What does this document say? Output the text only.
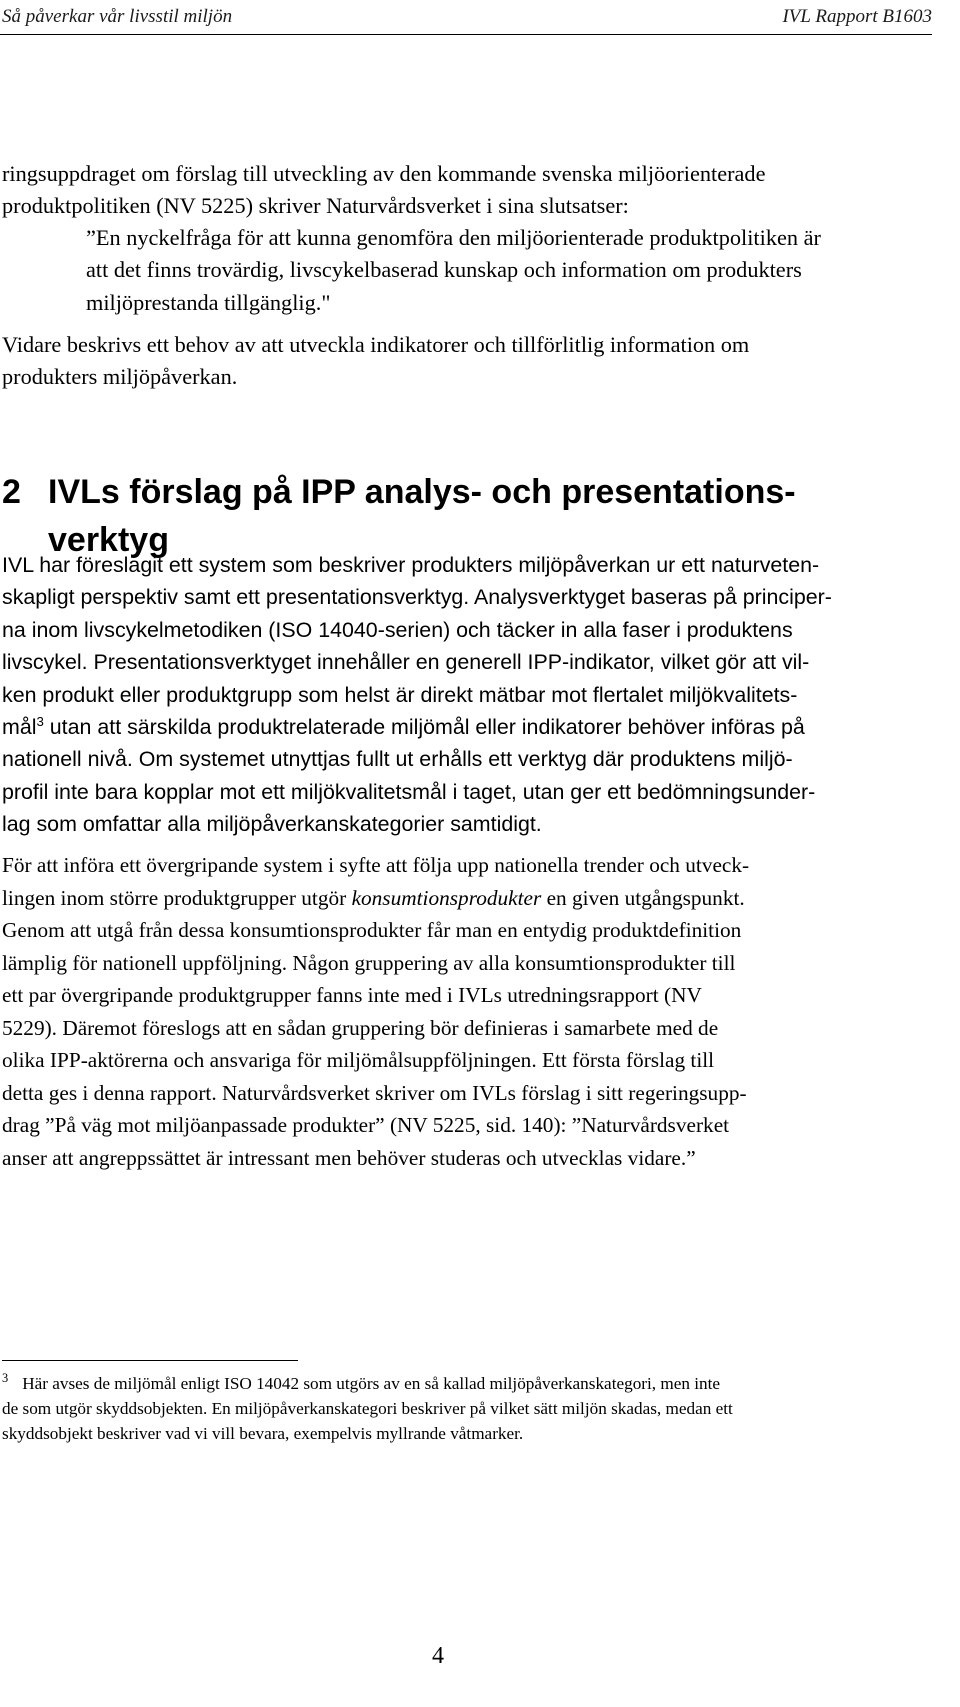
Så påverkar vår livsstil miljön	IVL Rapport B1603
ringsuppdraget om förslag till utveckling av den kommande svenska miljöorienterade
produktpolitiken (NV 5225) skriver Naturvårdsverket i sina slutsatser:
”En nyckelfråga för att kunna genomföra den miljöorienterade produktpolitiken är
att det finns trovärdig, livscykelbaserad kunskap och information om produkters
miljöprestanda tillgänglig."
Vidare beskrivs ett behov av att utveckla indikatorer och tillförlitlig information om
produkters miljöpåverkan.
2 IVLs förslag på IPP analys- och presentations-
verktyg
IVL har föreslagit ett system som beskriver produkters miljöpåverkan ur ett naturveten-
skapligt perspektiv samt ett presentationsverktyg. Analysverktyget baseras på principer-
na inom livscykelmetodiken (ISO 14040-serien) och täcker in alla faser i produktens
livscykel. Presentationsverktyget innehåller en generell IPP-indikator, vilket gör att vil-
ken produkt eller produktgrupp som helst är direkt mätbar mot flertalet miljökvalitets-
mål$^3$ utan att särskilda produktrelaterade miljömål eller indikatorer behöver införas på
nationell nivå. Om systemet utnyttjas fullt ut erhålls ett verktyg där produktens miljö-
profil inte bara kopplar mot ett miljökvalitetsmål i taget, utan ger ett bedömningsunder-
lag som omfattar alla miljöpåverkanskategorier samtidigt.
För att införa ett övergripande system i syfte att följa upp nationella trender och utveck-
lingen inom större produktgrupper utgör konsumtionsprodukter en given utgångspunkt.
Genom att utgå från dessa konsumtionsprodukter får man en entydig produktdefinition
lämplig för nationell uppföljning. Någon gruppering av alla konsumtionsprodukter till
ett par övergripande produktgrupper fanns inte med i IVLs utredningsrapport (NV
5229). Däremot föreslogs att en sådan gruppering bör definieras i samarbete med de
olika IPP-aktörerna och ansvariga för miljömålsuppföljningen. Ett första förslag till
detta ges i denna rapport. Naturvårdsverket skriver om IVLs förslag i sitt regeringsupp-
drag ”På väg mot miljöanpassade produkter” (NV 5225, sid. 140): ”Naturvårdsverket
anser att angreppssättet är intressant men behöver studeras och utvecklas vidare.”
$^3$ Här avses de miljömål enligt ISO 14042 som utgörs av en så kallad miljöpåverkanskategori, men inte
de som utgör skyddsobjekten. En miljöpåverkanskategori beskriver på vilket sätt miljön skadas, medan ett
skyddsobjekt beskriver vad vi vill bevara, exempelvis myllrande våtmarker.
4
